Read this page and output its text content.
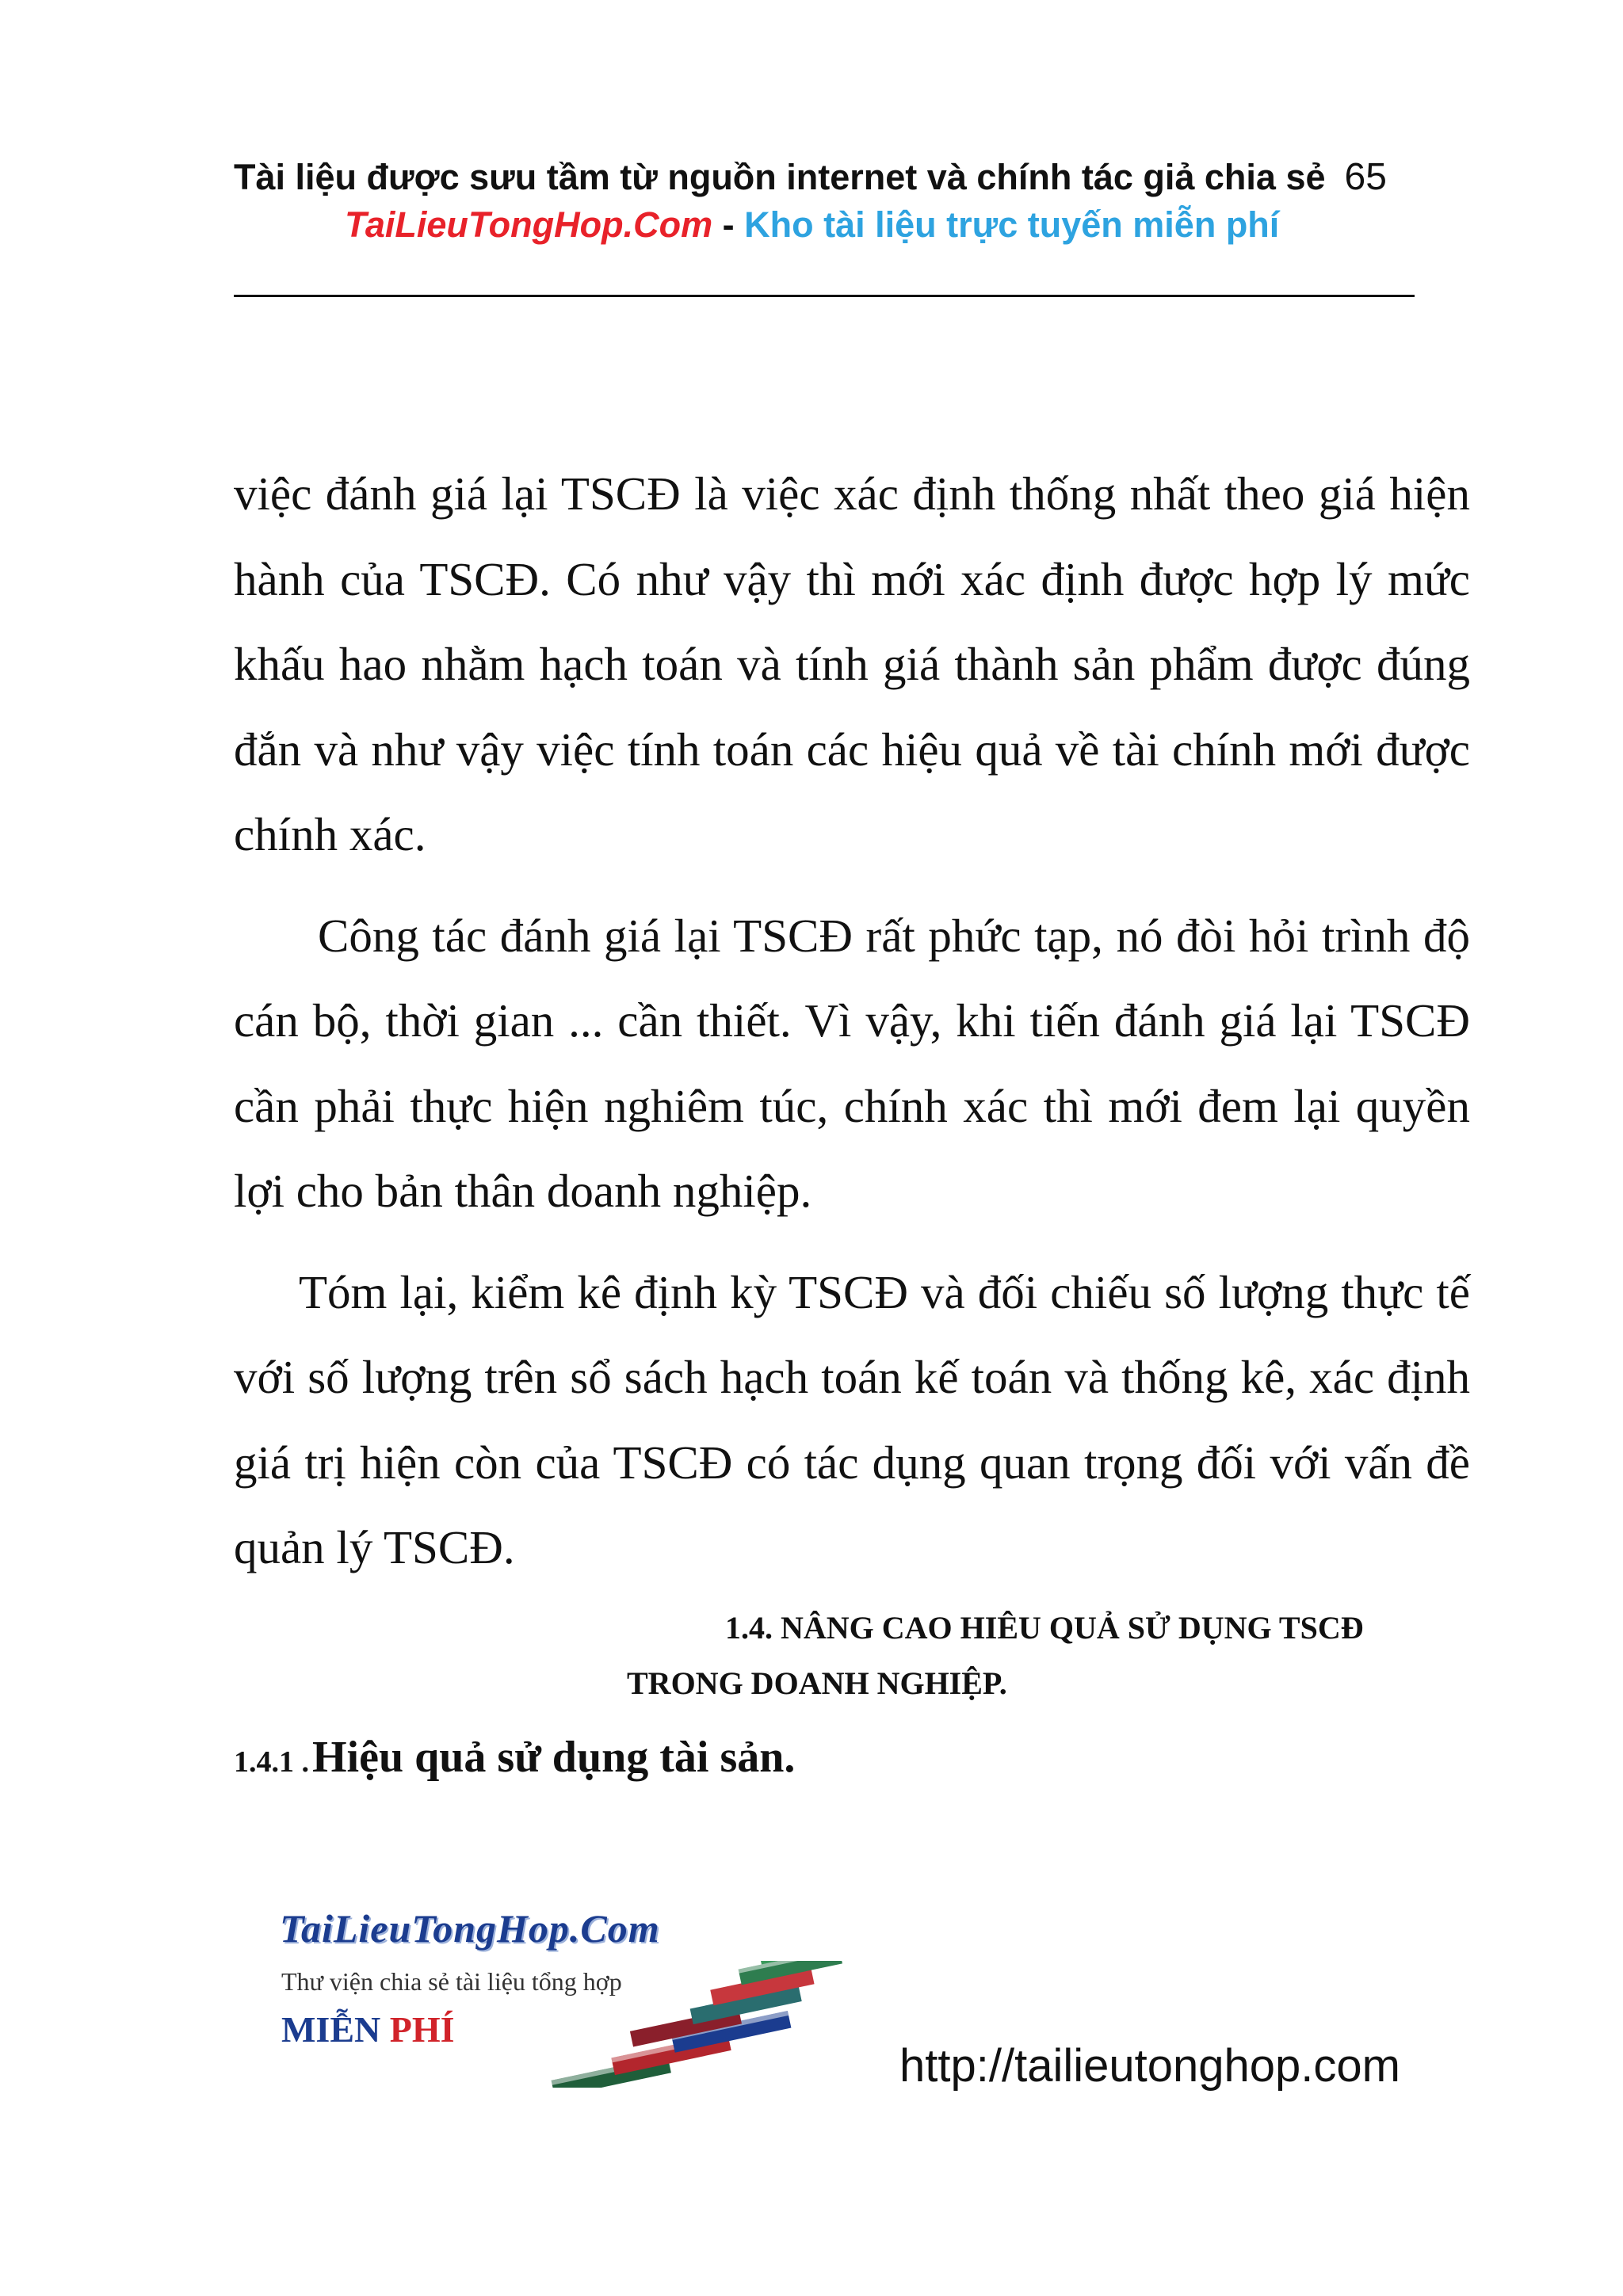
Tài liệu được sưu tầm từ nguồn internet và chính tác giả chia sẻ 65
TaiLieuTongHop.Com - Kho tài liệu trực tuyến miễn phí

việc đánh giá lại TSCĐ là việc xác định thống nhất theo giá hiện hành của TSCĐ. Có như vậy thì mới xác định được hợp lý mức khấu hao nhằm hạch toán và tính giá thành sản phẩm được đúng đắn và như vậy việc tính toán các hiệu quả về tài chính mới được chính xác.

Công tác đánh giá lại TSCĐ rất phức tạp, nó đòi hỏi trình độ cán bộ, thời gian ... cần thiết. Vì vậy, khi tiến đánh giá lại TSCĐ cần phải thực hiện nghiêm túc, chính xác thì mới đem lại quyền lợi cho bản thân doanh nghiệp.

Tóm lại, kiểm kê định kỳ TSCĐ và đối chiếu số lượng thực tế với số lượng trên sổ sách hạch toán kế toán và thống kê, xác định giá trị hiện còn của TSCĐ có tác dụng quan trọng đối với vấn đề quản lý TSCĐ.

1.4. NÂNG CAO HIÊU QUẢ SỬ DỤNG TSCĐ
TRONG DOANH NGHIỆP.
1.4.1 . Hiệu quả sử dụng tài sản.
TaiLieuTongHop.Com
Thư viện chia sẻ tài liệu tổng hợp
MIỄN PHÍ
http://tailieutonghop.com
